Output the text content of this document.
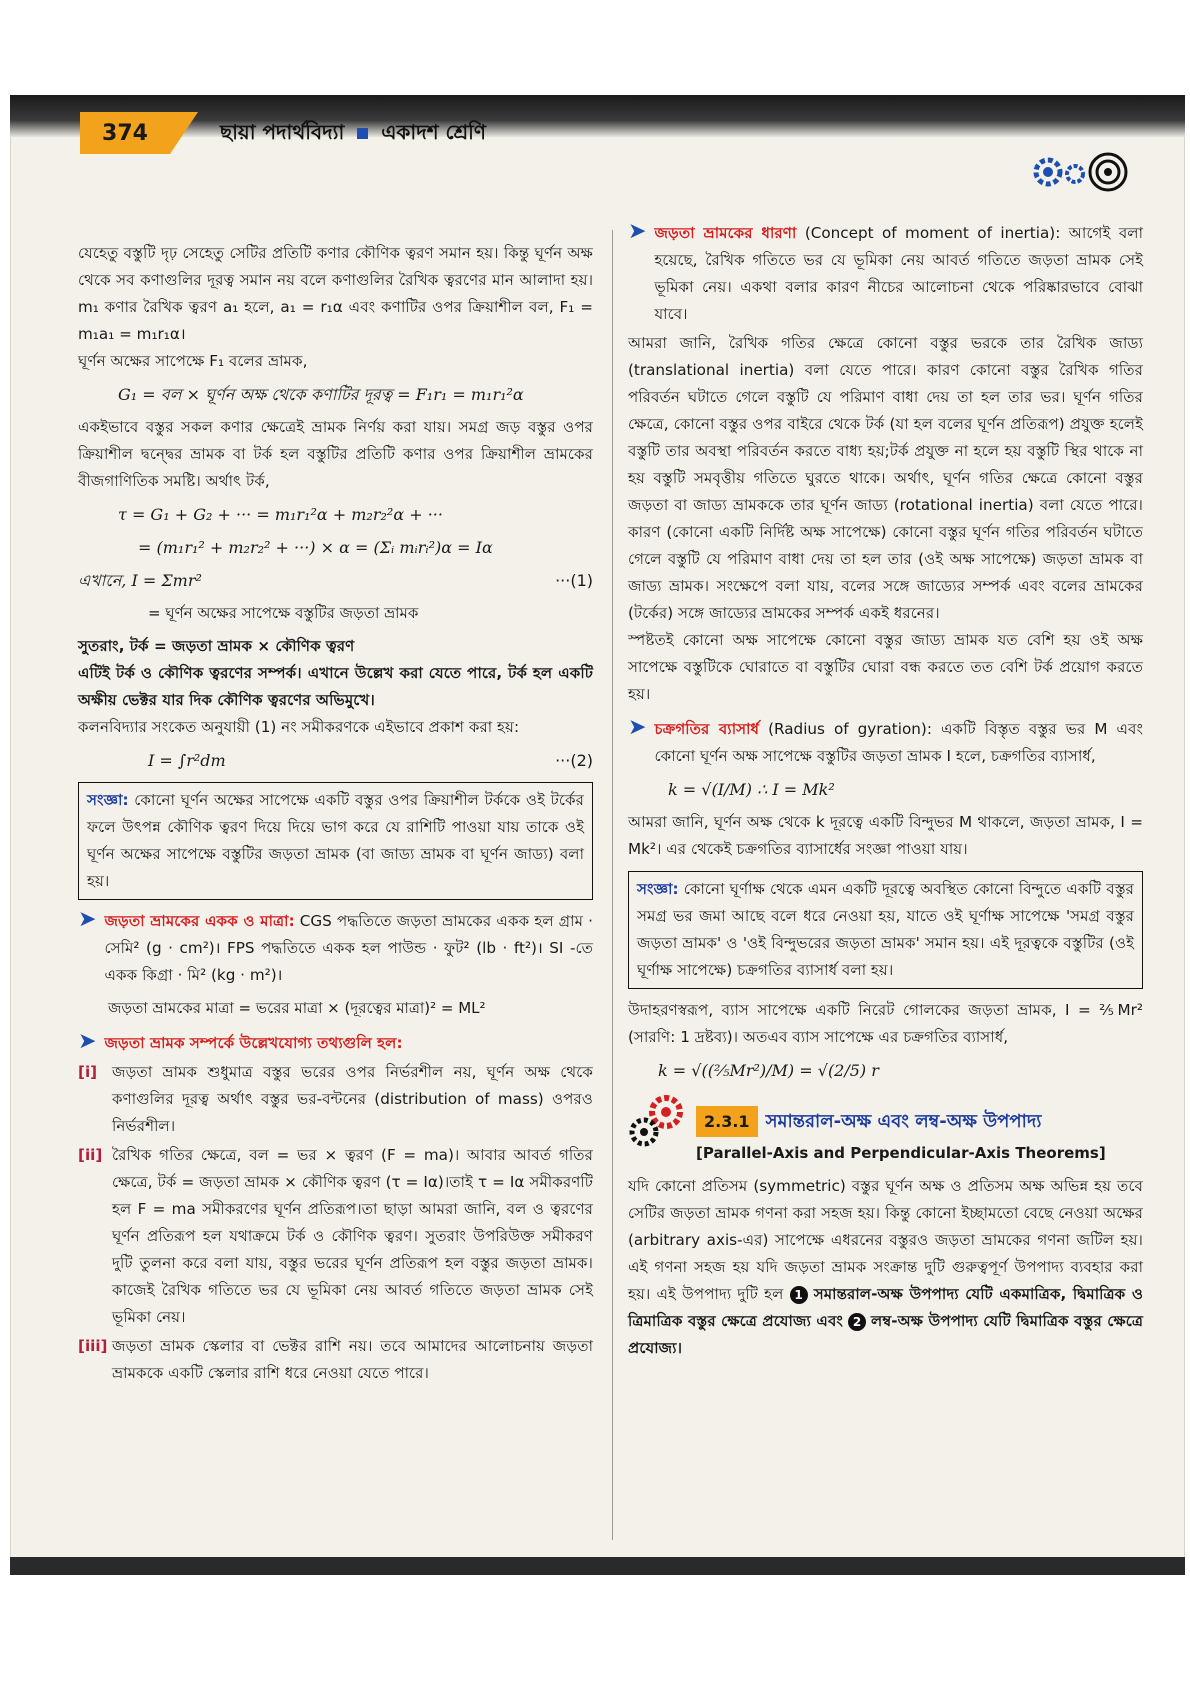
374	ছায়া পদার্থবিদ্যা একাদশ শ্রেণি

যেহেতু বস্তুটি দৃঢ় সেহেতু সেটির প্রতিটি কণার কৌণিক ত্বরণ সমান হয়। কিন্তু ঘূর্ণন অক্ষ থেকে সব কণাগুলির দূরত্ব সমান নয় বলে কণাগুলির রৈখিক ত্বরণের মান আলাদা হয়। m₁ কণার রৈখিক ত্বরণ a₁ হলে, a₁ = r₁α এবং কণাটির ওপর ক্রিয়াশীল বল, F₁ = m₁a₁ = m₁r₁α।

ঘূর্ণন অক্ষের সাপেক্ষে F₁ বলের ভ্রামক,

G₁ = বল × ঘূর্ণন অক্ষ থেকে কণাটির দূরত্ব = F₁r₁ = m₁r₁²α

একইভাবে বস্তুর সকল কণার ক্ষেত্রেই ভ্রামক নির্ণয় করা যায়। সমগ্র জড় বস্তুর ওপর ক্রিয়াশীল দ্বন্দ্বের ভ্রামক বা টর্ক হল বস্তুটির প্রতিটি কণার ওপর ক্রিয়াশীল ভ্রামকের বীজগাণিতিক সমষ্টি। অর্থাৎ টর্ক,

τ = G₁ + G₂ + ··· = m₁r₁²α + m₂r₂²α + ···
= (m₁r₁² + m₂r₂² + ···) × α = (Σᵢ mᵢrᵢ²)α = Iα
এখানে, I = Σmr²	···(1)
= ঘূর্ণন অক্ষের সাপেক্ষে বস্তুটির জড়তা ভ্রামক

সুতরাং, টর্ক = জড়তা ভ্রামক × কৌণিক ত্বরণ

এটিই টর্ক ও কৌণিক ত্বরণের সম্পর্ক। এখানে উল্লেখ করা যেতে পারে, টর্ক হল একটি অক্ষীয় ভেক্টর যার দিক কৌণিক ত্বরণের অভিমুখে।

কলনবিদ্যার সংকেত অনুযায়ী (1) নং সমীকরণকে এইভাবে প্রকাশ করা হয়:

I = ∫r²dm	···(2)

সংজ্ঞা: কোনো ঘূর্ণন অক্ষের সাপেক্ষে একটি বস্তুর ওপর ক্রিয়াশীল টর্ককে ওই টর্কের ফলে উৎপন্ন কৌণিক ত্বরণ দিয়ে দিয়ে ভাগ করে যে রাশিটি পাওয়া যায় তাকে ওই ঘূর্ণন অক্ষের সাপেক্ষে বস্তুটির জড়তা ভ্রামক (বা জাড্য ভ্রামক বা ঘূর্ণন জাড্য) বলা হয়।

➤ জড়তা ভ্রামকের একক ও মাত্রা: CGS পদ্ধতিতে জড়তা ভ্রামকের একক হল গ্রাম · সেমি² (g · cm²)। FPS পদ্ধতিতে একক হল পাউন্ড · ফুট² (lb · ft²)। SI -তে একক কিগ্রা · মি² (kg · m²)।

জড়তা ভ্রামকের মাত্রা = ভরের মাত্রা × (দূরত্বের মাত্রা)² = ML²
➤ জড়তা ভ্রামক সম্পর্কে উল্লেখযোগ্য তথ্যগুলি হল:
[i] জড়তা ভ্রামক শুধুমাত্র বস্তুর ভরের ওপর নির্ভরশীল নয়, ঘূর্ণন অক্ষ থেকে কণাগুলির দূরত্ব অর্থাৎ বস্তুর ভর-বন্টনের (distribution of mass) ওপরও নির্ভরশীল।

[ii] রৈখিক গতির ক্ষেত্রে, বল = ভর × ত্বরণ (F = ma)। আবার আবর্ত গতির ক্ষেত্রে, টর্ক = জড়তা ভ্রামক × কৌণিক ত্বরণ (τ = Iα)।তাই τ = Iα সমীকরণটি হল F = ma সমীকরণের ঘূর্ণন প্রতিরূপ।তা ছাড়া আমরা জানি, বল ও ত্বরণের ঘূর্ণন প্রতিরূপ হল যথাক্রমে টর্ক ও কৌণিক ত্বরণ। সুতরাং উপরিউক্ত সমীকরণ দুটি তুলনা করে বলা যায়, বস্তুর ভরের ঘূর্ণন প্রতিরূপ হল বস্তুর জড়তা ভ্রামক। কাজেই রৈখিক গতিতে ভর যে ভূমিকা নেয় আবর্ত গতিতে জড়তা ভ্রামক সেই ভূমিকা নেয়।

[iii] জড়তা ভ্রামক স্কেলার বা ভেক্টর রাশি নয়। তবে আমাদের আলোচনায় জড়তা ভ্রামককে একটি স্কেলার রাশি ধরে নেওয়া যেতে পারে।

➤ জড়তা ভ্রামকের ধারণা (Concept of moment of inertia): আগেই বলা হয়েছে, রৈখিক গতিতে ভর যে ভূমিকা নেয় আবর্ত গতিতে জড়তা ভ্রামক সেই ভূমিকা নেয়। একথা বলার কারণ নীচের আলোচনা থেকে পরিষ্কারভাবে বোঝা যাবে।

আমরা জানি, রৈখিক গতির ক্ষেত্রে কোনো বস্তুর ভরকে তার রৈখিক জাড্য (translational inertia) বলা যেতে পারে। কারণ কোনো বস্তুর রৈখিক গতির পরিবর্তন ঘটাতে গেলে বস্তুটি যে পরিমাণ বাধা দেয় তা হল তার ভর। ঘূর্ণন গতির ক্ষেত্রে, কোনো বস্তুর ওপর বাইরে থেকে টর্ক (যা হল বলের ঘূর্ণন প্রতিরূপ) প্রযুক্ত হলেই বস্তুটি তার অবস্থা পরিবর্তন করতে বাধ্য হয়;টর্ক প্রযুক্ত না হলে হয় বস্তুটি স্থির থাকে না হয় বস্তুটি সমবৃত্তীয় গতিতে ঘুরতে থাকে। অর্থাৎ, ঘূর্ণন গতির ক্ষেত্রে কোনো বস্তুর জড়তা বা জাড্য ভ্রামককে তার ঘূর্ণন জাড্য (rotational inertia) বলা যেতে পারে। কারণ (কোনো একটি নির্দিষ্ট অক্ষ সাপেক্ষে) কোনো বস্তুর ঘূর্ণন গতির পরিবর্তন ঘটাতে গেলে বস্তুটি যে পরিমাণ বাধা দেয় তা হল তার (ওই অক্ষ সাপেক্ষে) জড়তা ভ্রামক বা জাড্য ভ্রামক। সংক্ষেপে বলা যায়, বলের সঙ্গে জাড্যের সম্পর্ক এবং বলের ভ্রামকের (টর্কের) সঙ্গে জাড্যের ভ্রামকের সম্পর্ক একই ধরনের।

স্পষ্টতই কোনো অক্ষ সাপেক্ষে কোনো বস্তুর জাড্য ভ্রামক যত বেশি হয় ওই অক্ষ সাপেক্ষে বস্তুটিকে ঘোরাতে বা বস্তুটির ঘোরা বন্ধ করতে তত বেশি টর্ক প্রয়োগ করতে হয়।

➤ চক্রগতির ব্যাসার্ধ (Radius of gyration): একটি বিস্তৃত বস্তুর ভর M এবং কোনো ঘূর্ণন অক্ষ সাপেক্ষে বস্তুটির জড়তা ভ্রামক I হলে, চক্রগতির ব্যাসার্ধ,

k = √(I/M) ∴ I = Mk²

আমরা জানি, ঘূর্ণন অক্ষ থেকে k দূরত্বে একটি বিন্দুভর M থাকলে, জড়তা ভ্রামক, I = Mk²। এর থেকেই চক্রগতির ব্যাসার্ধের সংজ্ঞা পাওয়া যায়।

সংজ্ঞা: কোনো ঘূর্ণাক্ষ থেকে এমন একটি দূরত্বে অবস্থিত কোনো বিন্দুতে একটি বস্তুর সমগ্র ভর জমা আছে বলে ধরে নেওয়া হয়, যাতে ওই ঘূর্ণাক্ষ সাপেক্ষে 'সমগ্র বস্তুর জড়তা ভ্রামক' ও 'ওই বিন্দুভরের জড়তা ভ্রামক' সমান হয়। এই দূরত্বকে বস্তুটির (ওই ঘূর্ণাক্ষ সাপেক্ষে) চক্রগতির ব্যাসার্ধ বলা হয়।

উদাহরণস্বরূপ, ব্যাস সাপেক্ষে একটি নিরেট গোলকের জড়তা ভ্রামক, I = ⅖Mr² (সারণি: 1 দ্রষ্টব্য)। অতএব ব্যাস সাপেক্ষে এর চক্রগতির ব্যাসার্ধ,

k = √((⅖Mr²)/M) = √(2/5) r
2.3.1 সমান্তরাল-অক্ষ এবং লম্ব-অক্ষ উপপাদ্য
[Parallel-Axis and Perpendicular-Axis Theorems]

যদি কোনো প্রতিসম (symmetric) বস্তুর ঘূর্ণন অক্ষ ও প্রতিসম অক্ষ অভিন্ন হয় তবে সেটির জড়তা ভ্রামক গণনা করা সহজ হয়। কিন্তু কোনো ইচ্ছামতো বেছে নেওয়া অক্ষের (arbitrary axis-এর) সাপেক্ষে এধরনের বস্তুরও জড়তা ভ্রামকের গণনা জটিল হয়। এই গণনা সহজ হয় যদি জড়তা ভ্রামক সংক্রান্ত দুটি গুরুত্বপূর্ণ উপপাদ্য ব্যবহার করা হয়। এই উপপাদ্য দুটি হল 1 সমান্তরাল-অক্ষ উপপাদ্য যেটি একমাত্রিক, দ্বিমাত্রিক ও ত্রিমাত্রিক বস্তুর ক্ষেত্রে প্রযোজ্য এবং 2 লম্ব-অক্ষ উপপাদ্য যেটি দ্বিমাত্রিক বস্তুর ক্ষেত্রে প্রযোজ্য।
